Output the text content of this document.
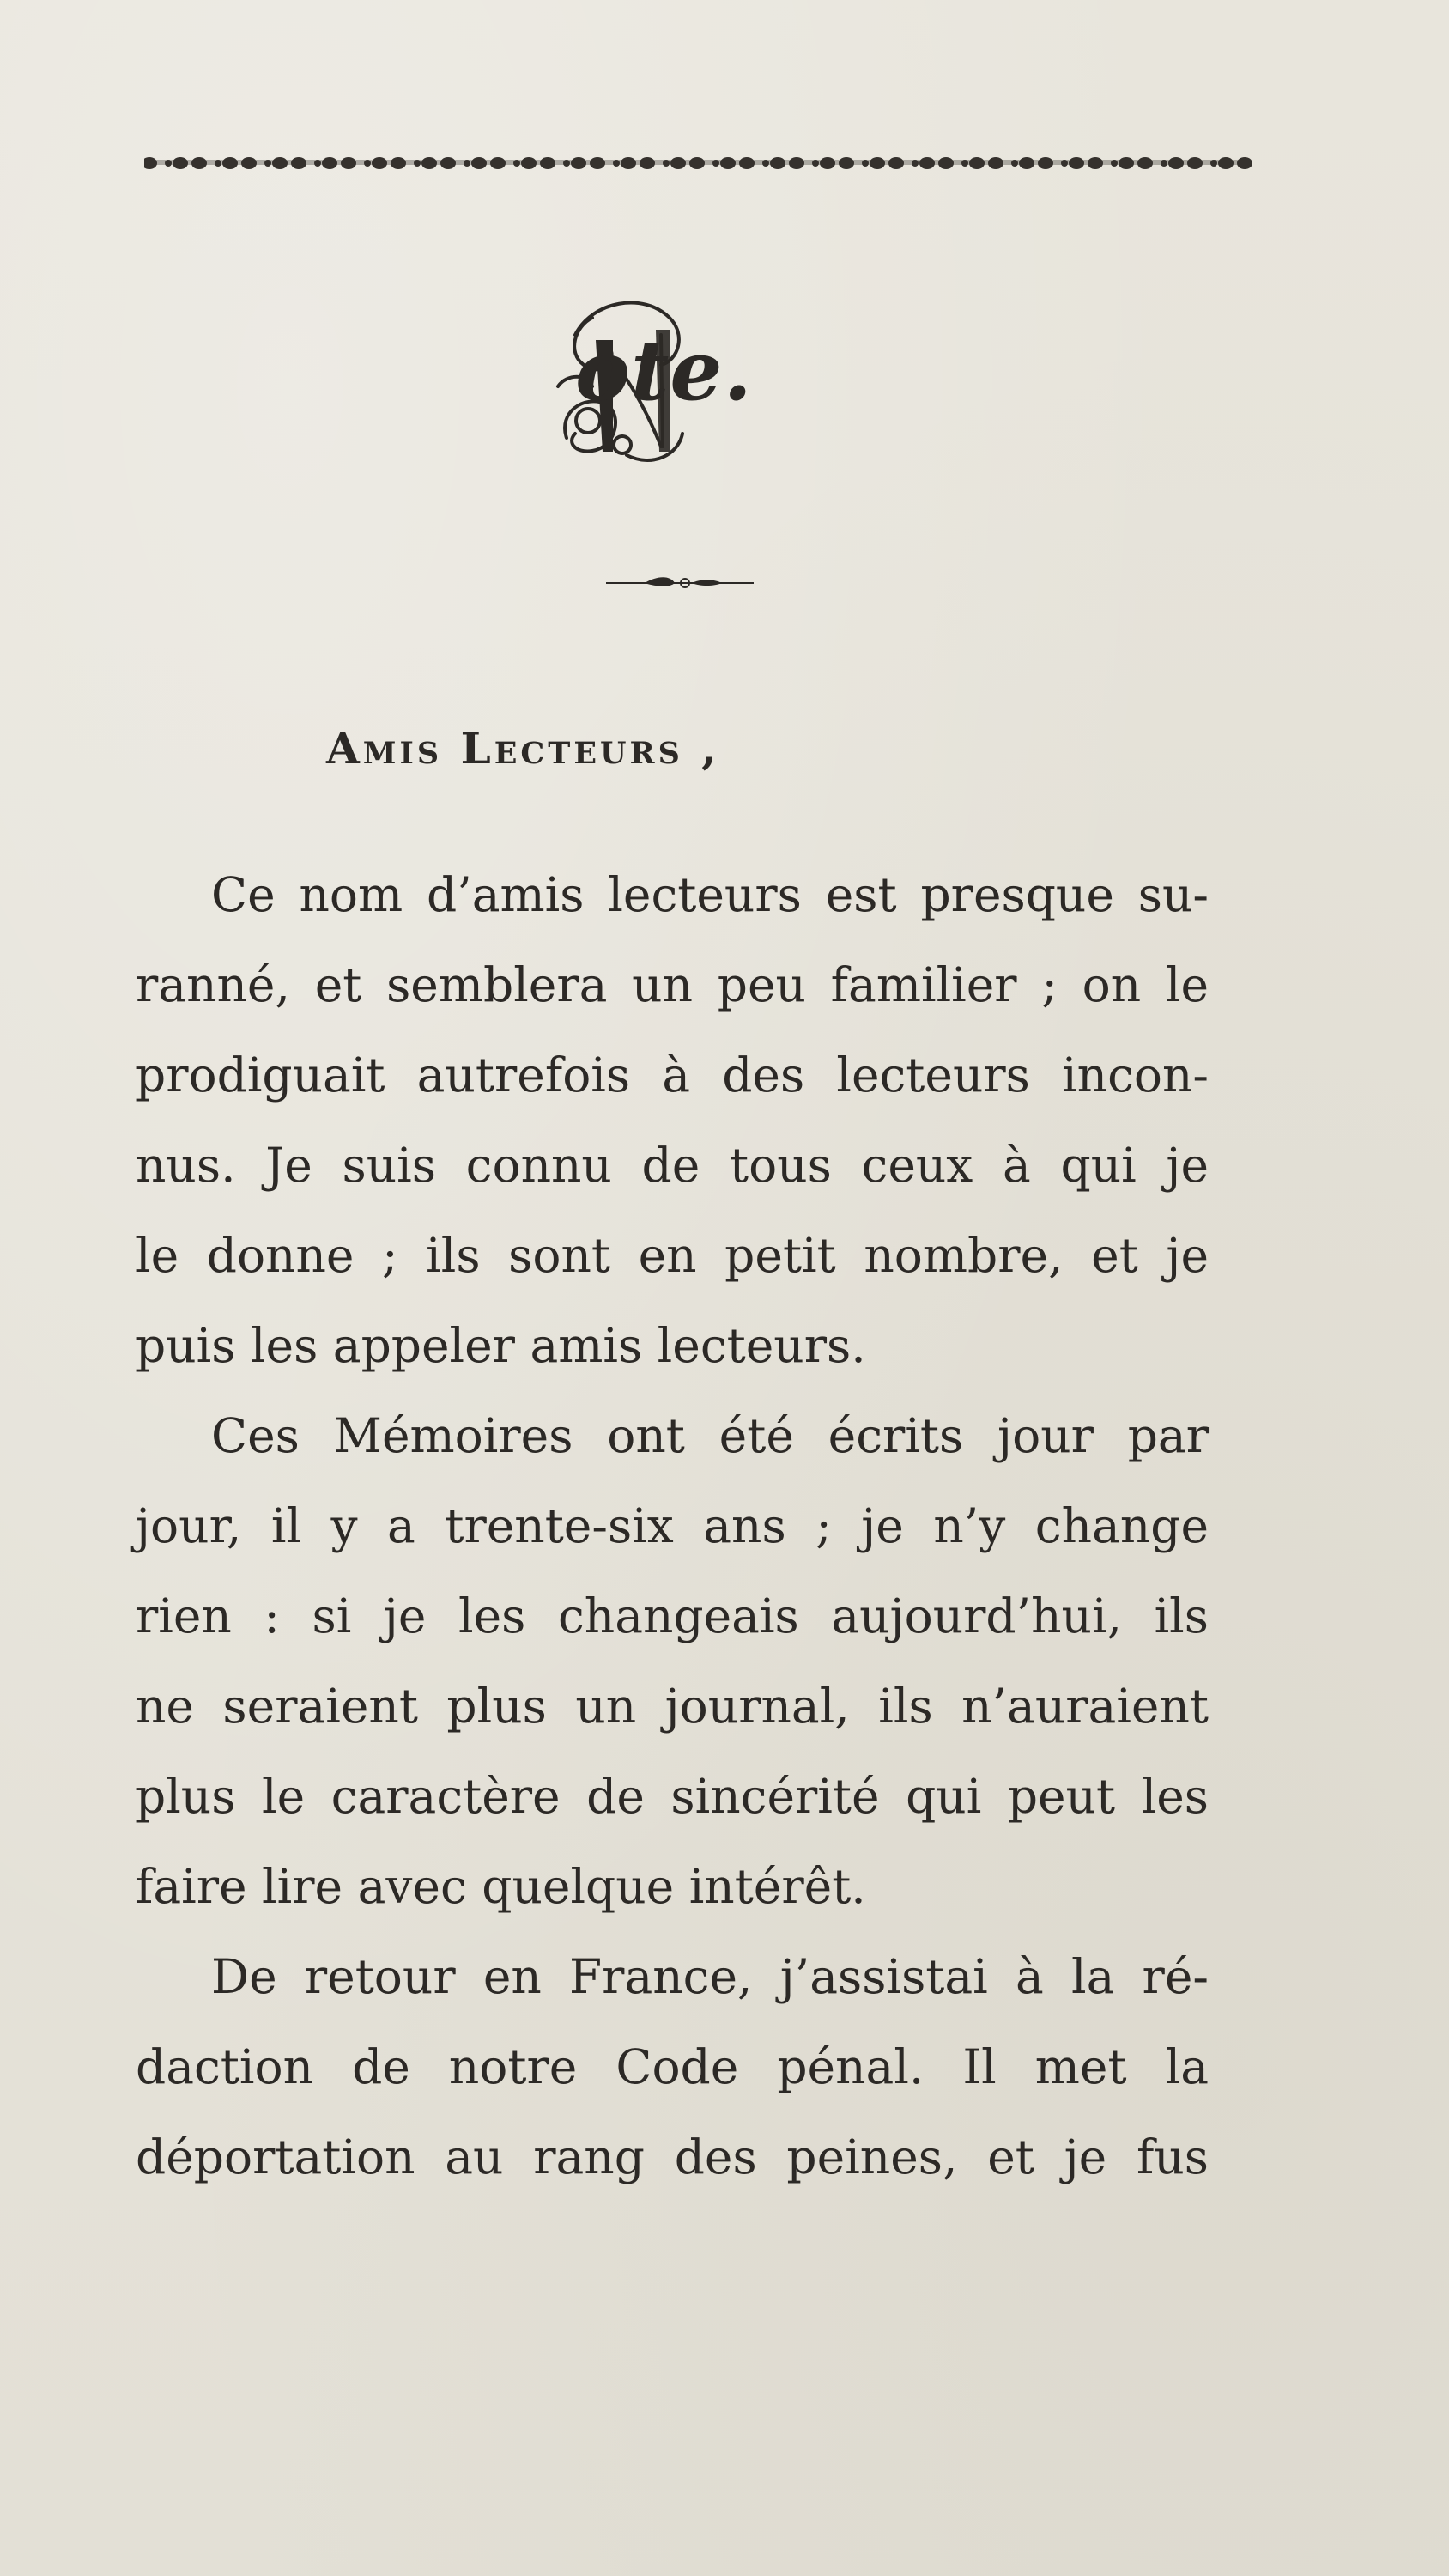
ote.
Amis Lecteurs ,
Ce nom d’amis lecteurs est presque su-
ranné, et semblera un peu familier ; on le
prodiguait autrefois à des lecteurs incon-
nus. Je suis connu de tous ceux à qui je
le donne ; ils sont en petit nombre, et je
puis les appeler amis lecteurs.
Ces Mémoires ont été écrits jour par
jour, il y a trente-six ans ; je n’y change
rien : si je les changeais aujourd’hui, ils
ne seraient plus un journal, ils n’auraient
plus le caractère de sincérité qui peut les
faire lire avec quelque intérêt.
De retour en France, j’assistai à la ré-
daction de notre Code pénal. Il met la
déportation au rang des peines, et je fus
